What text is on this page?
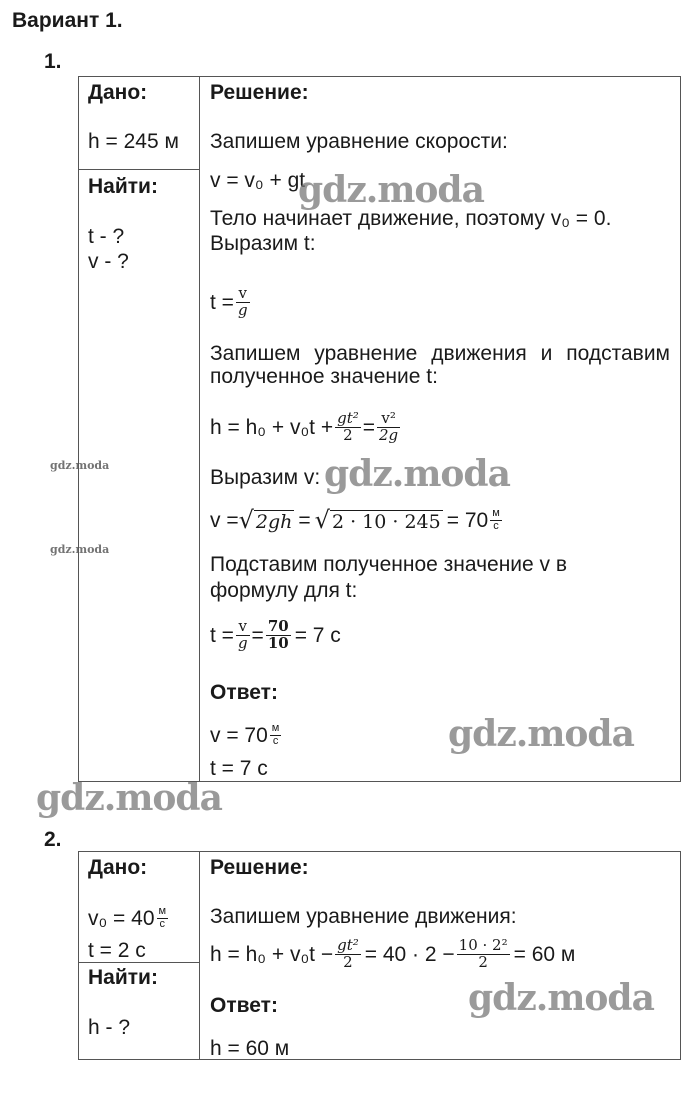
Вариант 1.
1.
Дано:
h = 245 м
Найти:
t - ?
v - ?
Решение:
Запишем уравнение скорости:
v = v₀ + gt
Тело начинает движение, поэтому v₀ = 0.
Выразим t:
$t = \frac{v}{g}$
Запишем уравнение движения и подставим
полученное значение t:
$h = h_0 + v_0t + \frac{\text{gt²}}{2} = \frac{\text{v²}}{2g}$
Выразим v:
v = √ 2gh = √ $2 \cdot 10 \cdot 245 = 70 \frac{м}{с}$
Подставим полученное значение v в
формулу для t:
$t = \frac{v}{g} = \frac{70}{10} = 7$ с
Ответ:
$v = 70 \frac{м}{с}$
t = 7 с
2.
Дано:
$v_0 = 40 \frac{м}{с}$
t = 2 с
Найти:
h - ?
Решение:
Запишем уравнение движения:
$h = h_0 + v_0t - \frac{\text{gt²}}{2} = 40 \cdot 2 - \frac{\text{10 · 2²}}{2} = 60$ м
Ответ:
h = 60 м
gdz.moda
gdz.moda
gdz.moda
gdz.moda
gdz.moda
gdz.moda
gdz.moda
